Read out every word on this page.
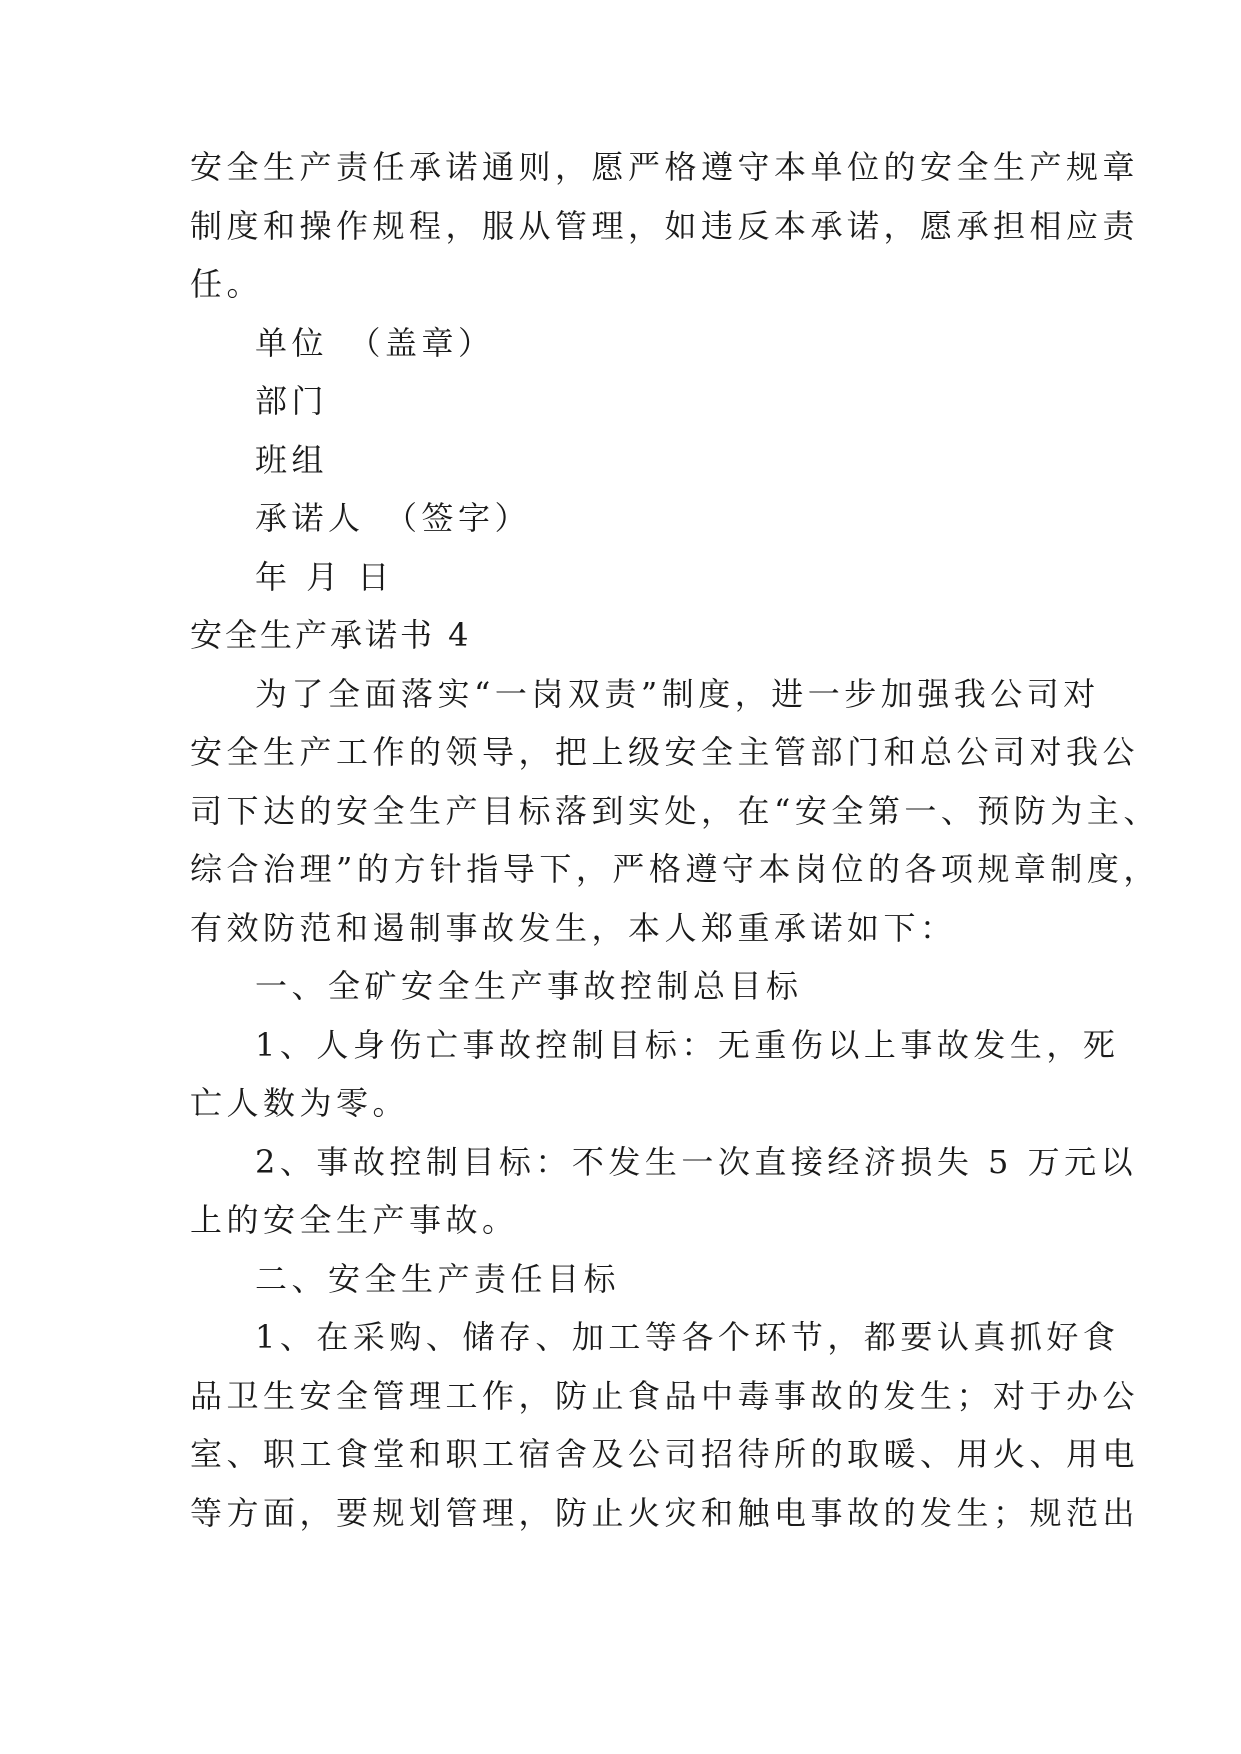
安全生产责任承诺通则，愿严格遵守本单位的安全生产规章
制度和操作规程，服从管理，如违反本承诺，愿承担相应责
任。
单位　（盖章）
部门
班组
承诺人　（签字）
年 月 日
安全生产承诺书 4
为了全面落实“一岗双责”制度，进一步加强我公司对
安全生产工作的领导，把上级安全主管部门和总公司对我公
司下达的安全生产目标落到实处，在“安全第一、预防为主、
综合治理”的方针指导下，严格遵守本岗位的各项规章制度，
有效防范和遏制事故发生，本人郑重承诺如下：
一、全矿安全生产事故控制总目标
1、人身伤亡事故控制目标：无重伤以上事故发生，死
亡人数为零。
2、事故控制目标：不发生一次直接经济损失 5 万元以
上的安全生产事故。
二、安全生产责任目标
1、在采购、储存、加工等各个环节，都要认真抓好食
品卫生安全管理工作，防止食品中毒事故的发生；对于办公
室、职工食堂和职工宿舍及公司招待所的取暖、用火、用电
等方面，要规划管理，防止火灾和触电事故的发生；规范出
